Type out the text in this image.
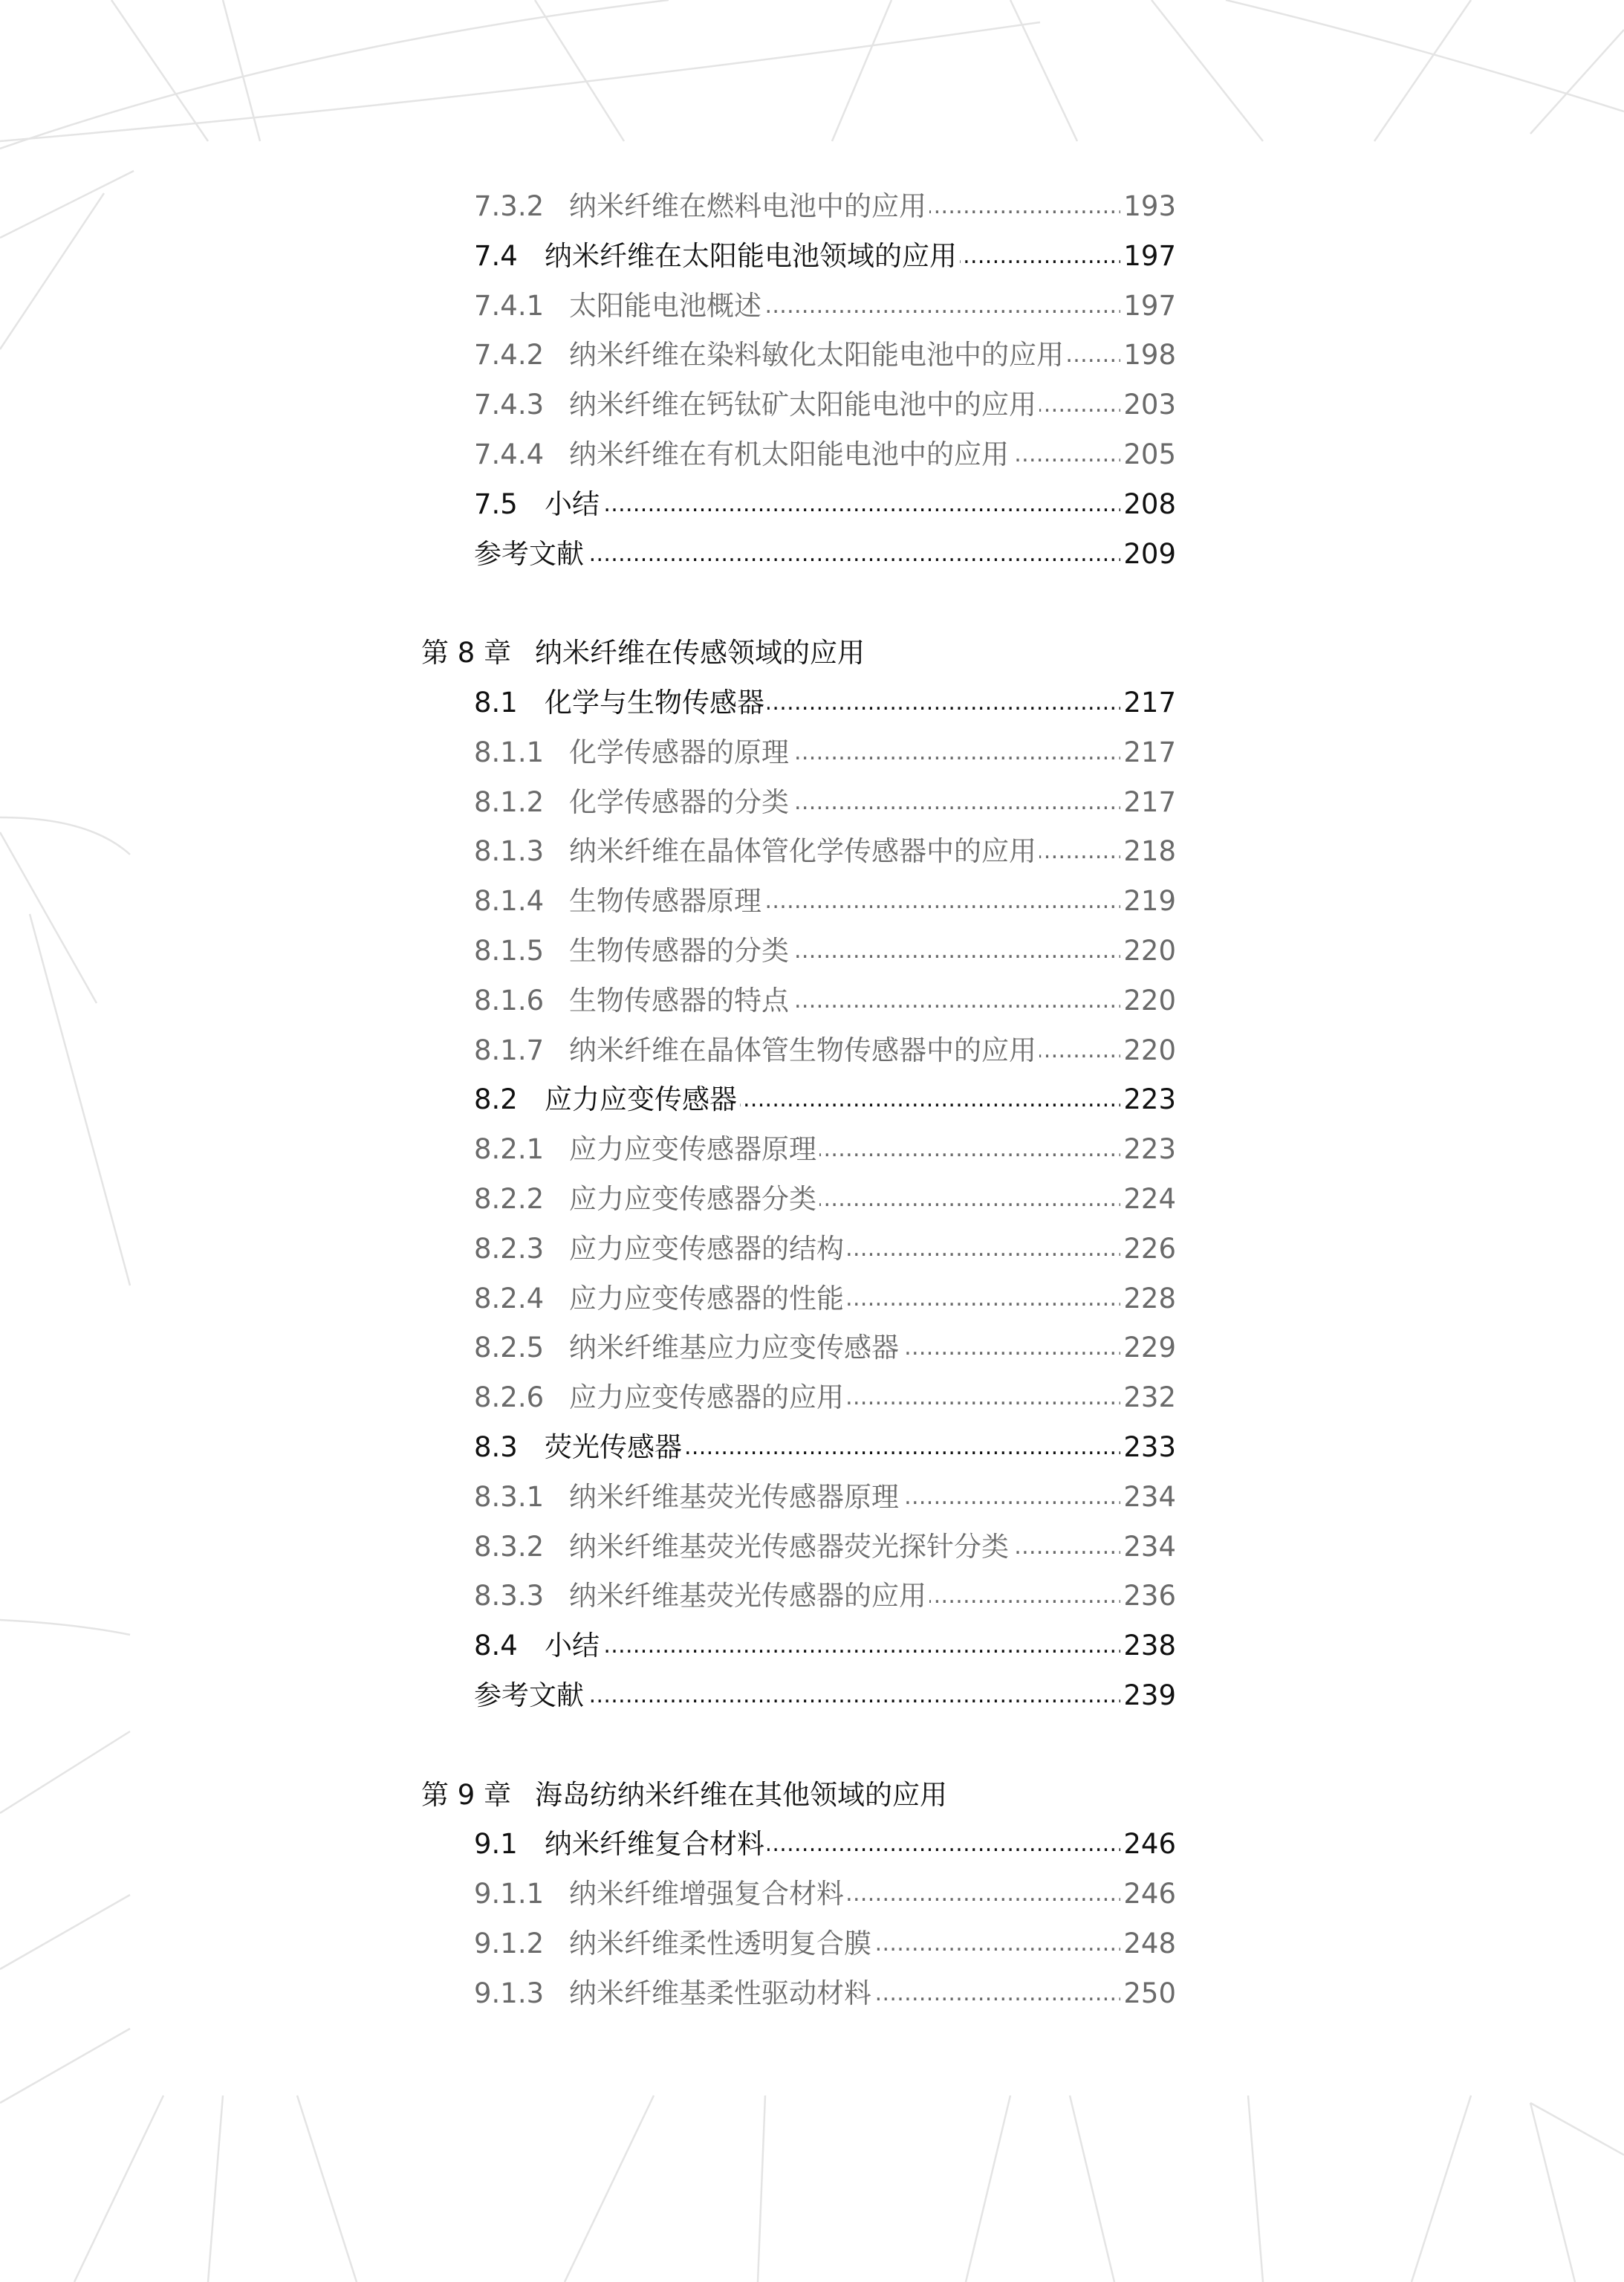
7.3.2 纳米纤维在燃料电池中的应用 . . .	193
7.4 纳米纤维在太阳能电池领域的应用 . . .	197
7.4.1 太阳能电池概述 . . .	197
7.4.2 纳米纤维在染料敏化太阳能电池中的应用 . . . 198
7.4.3 纳米纤维在钙钛矿太阳能电池中的应用 . . .	203
7.4.4 纳米纤维在有机太阳能电池中的应用 . . .	205
7.5 小结 . . .	208
参考文献 . . .	209
第 8 章 纳米纤维在传感领域的应用
8.1 化学与生物传感器 . . .	217
8.1.1 化学传感器的原理 . . .	217
8.1.2 化学传感器的分类 . . .	217
8.1.3 纳米纤维在晶体管化学传感器中的应用 . . .	218
8.1.4 生物传感器原理 . . .	219
8.1.5 生物传感器的分类 . . .	220
8.1.6 生物传感器的特点 . . .	220
8.1.7 纳米纤维在晶体管生物传感器中的应用 . . .	220
8.2 应力应变传感器 . . .	223
8.2.1 应力应变传感器原理 . . .	223
8.2.2 应力应变传感器分类 . . .	224
8.2.3 应力应变传感器的结构 . . .	226
8.2.4 应力应变传感器的性能 . . .	228
8.2.5 纳米纤维基应力应变传感器 . . .	229
8.2.6 应力应变传感器的应用 . . .	232
8.3 荧光传感器 . . .	233
8.3.1 纳米纤维基荧光传感器原理 . . .	234
8.3.2 纳米纤维基荧光传感器荧光探针分类 . . .	234
8.3.3 纳米纤维基荧光传感器的应用 . . .	236
8.4 小结 . . .	238
参考文献 . . .	239
第 9 章 海岛纺纳米纤维在其他领域的应用
9.1 纳米纤维复合材料 . . .	246
9.1.1 纳米纤维增强复合材料 . . .	246
9.1.2 纳米纤维柔性透明复合膜 . . .	248
9.1.3 纳米纤维基柔性驱动材料 . . .	250
